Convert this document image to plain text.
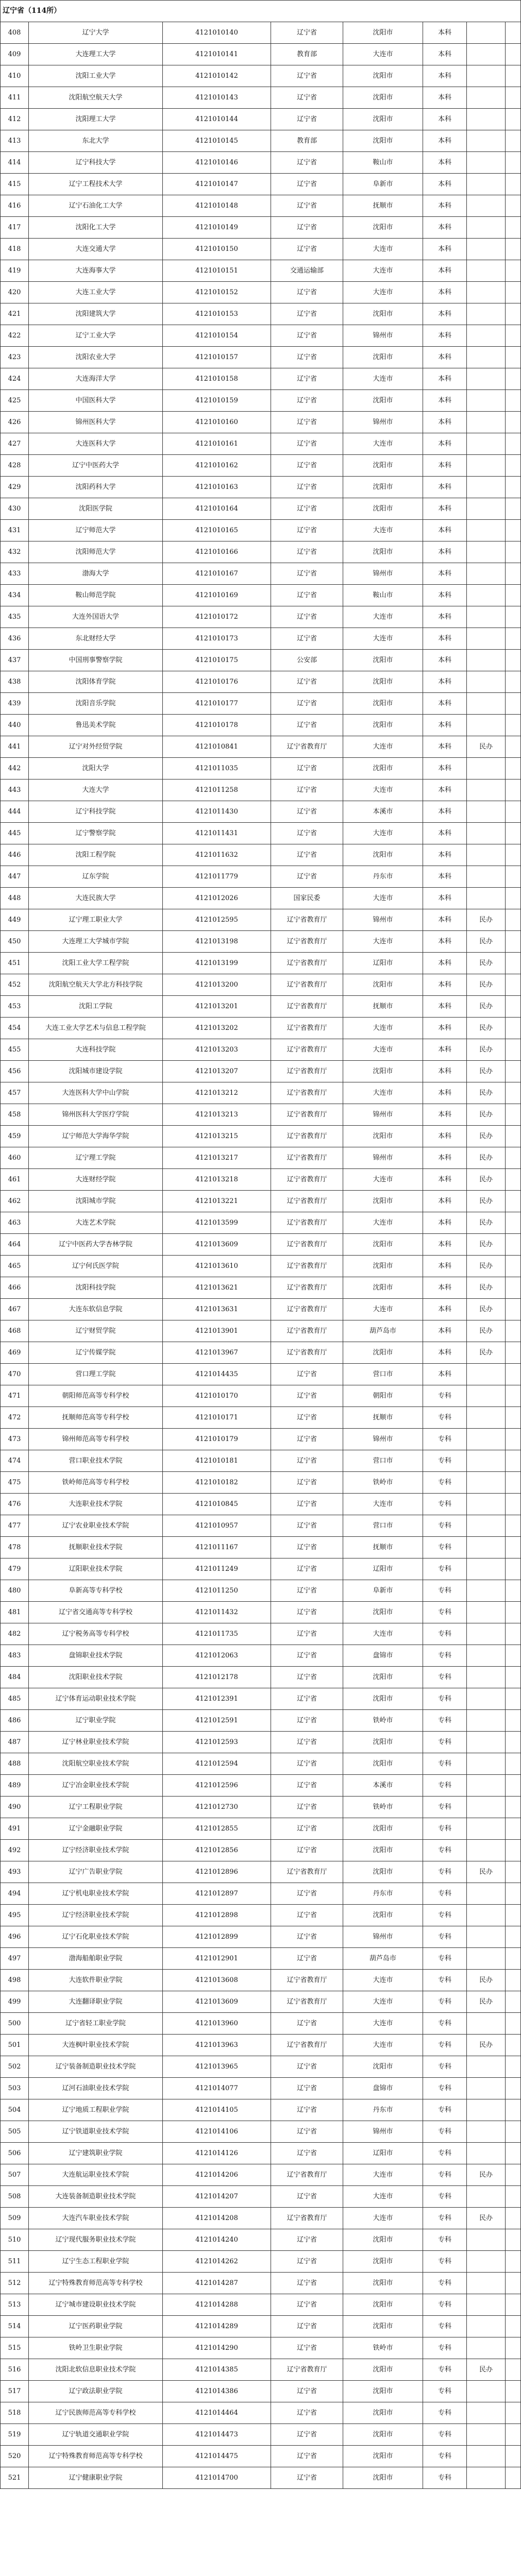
辽宁省（114所）							
408	辽宁大学	4121010140	辽宁省	沈阳市	本科		
409	大连理工大学	4121010141	教育部	大连市	本科		
410	沈阳工业大学	4121010142	辽宁省	沈阳市	本科		
411	沈阳航空航天大学	4121010143	辽宁省	沈阳市	本科		
412	沈阳理工大学	4121010144	辽宁省	沈阳市	本科		
413	东北大学	4121010145	教育部	沈阳市	本科		
414	辽宁科技大学	4121010146	辽宁省	鞍山市	本科		
415	辽宁工程技术大学	4121010147	辽宁省	阜新市	本科		
416	辽宁石油化工大学	4121010148	辽宁省	抚顺市	本科		
417	沈阳化工大学	4121010149	辽宁省	沈阳市	本科		
418	大连交通大学	4121010150	辽宁省	大连市	本科		
419	大连海事大学	4121010151	交通运输部	大连市	本科		
420	大连工业大学	4121010152	辽宁省	大连市	本科		
421	沈阳建筑大学	4121010153	辽宁省	沈阳市	本科		
422	辽宁工业大学	4121010154	辽宁省	锦州市	本科		
423	沈阳农业大学	4121010157	辽宁省	沈阳市	本科		
424	大连海洋大学	4121010158	辽宁省	大连市	本科		
425	中国医科大学	4121010159	辽宁省	沈阳市	本科		
426	锦州医科大学	4121010160	辽宁省	锦州市	本科		
427	大连医科大学	4121010161	辽宁省	大连市	本科		
428	辽宁中医药大学	4121010162	辽宁省	沈阳市	本科		
429	沈阳药科大学	4121010163	辽宁省	沈阳市	本科		
430	沈阳医学院	4121010164	辽宁省	沈阳市	本科		
431	辽宁师范大学	4121010165	辽宁省	大连市	本科		
432	沈阳师范大学	4121010166	辽宁省	沈阳市	本科		
433	渤海大学	4121010167	辽宁省	锦州市	本科		
434	鞍山师范学院	4121010169	辽宁省	鞍山市	本科		
435	大连外国语大学	4121010172	辽宁省	大连市	本科		
436	东北财经大学	4121010173	辽宁省	大连市	本科		
437	中国刑事警察学院	4121010175	公安部	沈阳市	本科		
438	沈阳体育学院	4121010176	辽宁省	沈阳市	本科		
439	沈阳音乐学院	4121010177	辽宁省	沈阳市	本科		
440	鲁迅美术学院	4121010178	辽宁省	沈阳市	本科		
441	辽宁对外经贸学院	4121010841	辽宁省教育厅	大连市	本科	民办	
442	沈阳大学	4121011035	辽宁省	沈阳市	本科		
443	大连大学	4121011258	辽宁省	大连市	本科		
444	辽宁科技学院	4121011430	辽宁省	本溪市	本科		
445	辽宁警察学院	4121011431	辽宁省	大连市	本科		
446	沈阳工程学院	4121011632	辽宁省	沈阳市	本科		
447	辽东学院	4121011779	辽宁省	丹东市	本科		
448	大连民族大学	4121012026	国家民委	大连市	本科		
449	辽宁理工职业大学	4121012595	辽宁省教育厅	锦州市	本科	民办	
450	大连理工大学城市学院	4121013198	辽宁省教育厅	大连市	本科	民办	
451	沈阳工业大学工程学院	4121013199	辽宁省教育厅	辽阳市	本科	民办	
452	沈阳航空航天大学北方科技学院	4121013200	辽宁省教育厅	沈阳市	本科	民办	
453	沈阳工学院	4121013201	辽宁省教育厅	抚顺市	本科	民办	
454	大连工业大学艺术与信息工程学院	4121013202	辽宁省教育厅	大连市	本科	民办	
455	大连科技学院	4121013203	辽宁省教育厅	大连市	本科	民办	
456	沈阳城市建设学院	4121013207	辽宁省教育厅	沈阳市	本科	民办	
457	大连医科大学中山学院	4121013212	辽宁省教育厅	大连市	本科	民办	
458	锦州医科大学医疗学院	4121013213	辽宁省教育厅	锦州市	本科	民办	
459	辽宁师范大学海华学院	4121013215	辽宁省教育厅	沈阳市	本科	民办	
460	辽宁理工学院	4121013217	辽宁省教育厅	锦州市	本科	民办	
461	大连财经学院	4121013218	辽宁省教育厅	大连市	本科	民办	
462	沈阳城市学院	4121013221	辽宁省教育厅	沈阳市	本科	民办	
463	大连艺术学院	4121013599	辽宁省教育厅	大连市	本科	民办	
464	辽宁中医药大学杏林学院	4121013609	辽宁省教育厅	沈阳市	本科	民办	
465	辽宁何氏医学院	4121013610	辽宁省教育厅	沈阳市	本科	民办	
466	沈阳科技学院	4121013621	辽宁省教育厅	沈阳市	本科	民办	
467	大连东软信息学院	4121013631	辽宁省教育厅	大连市	本科	民办	
468	辽宁财贸学院	4121013901	辽宁省教育厅	葫芦岛市	本科	民办	
469	辽宁传媒学院	4121013967	辽宁省教育厅	沈阳市	本科	民办	
470	营口理工学院	4121014435	辽宁省	营口市	本科		
471	朝阳师范高等专科学校	4121010170	辽宁省	朝阳市	专科		
472	抚顺师范高等专科学校	4121010171	辽宁省	抚顺市	专科		
473	锦州师范高等专科学校	4121010179	辽宁省	锦州市	专科		
474	营口职业技术学院	4121010181	辽宁省	营口市	专科		
475	铁岭师范高等专科学校	4121010182	辽宁省	铁岭市	专科		
476	大连职业技术学院	4121010845	辽宁省	大连市	专科		
477	辽宁农业职业技术学院	4121010957	辽宁省	营口市	专科		
478	抚顺职业技术学院	4121011167	辽宁省	抚顺市	专科		
479	辽阳职业技术学院	4121011249	辽宁省	辽阳市	专科		
480	阜新高等专科学校	4121011250	辽宁省	阜新市	专科		
481	辽宁省交通高等专科学校	4121011432	辽宁省	沈阳市	专科		
482	辽宁税务高等专科学校	4121011735	辽宁省	大连市	专科		
483	盘锦职业技术学院	4121012063	辽宁省	盘锦市	专科		
484	沈阳职业技术学院	4121012178	辽宁省	沈阳市	专科		
485	辽宁体育运动职业技术学院	4121012391	辽宁省	沈阳市	专科		
486	辽宁职业学院	4121012591	辽宁省	铁岭市	专科		
487	辽宁林业职业技术学院	4121012593	辽宁省	沈阳市	专科		
488	沈阳航空职业技术学院	4121012594	辽宁省	沈阳市	专科		
489	辽宁冶金职业技术学院	4121012596	辽宁省	本溪市	专科		
490	辽宁工程职业学院	4121012730	辽宁省	铁岭市	专科		
491	辽宁金融职业学院	4121012855	辽宁省	沈阳市	专科		
492	辽宁经济职业技术学院	4121012856	辽宁省	沈阳市	专科		
493	辽宁广告职业学院	4121012896	辽宁省教育厅	沈阳市	专科	民办	
494	辽宁机电职业技术学院	4121012897	辽宁省	丹东市	专科		
495	辽宁经济职业技术学院	4121012898	辽宁省	沈阳市	专科		
496	辽宁石化职业技术学院	4121012899	辽宁省	锦州市	专科		
497	渤海船舶职业学院	4121012901	辽宁省	葫芦岛市	专科		
498	大连软件职业学院	4121013608	辽宁省教育厅	大连市	专科	民办	
499	大连翻译职业学院	4121013609	辽宁省教育厅	大连市	专科	民办	
500	辽宁省轻工职业学院	4121013960	辽宁省	大连市	专科		
501	大连枫叶职业技术学院	4121013963	辽宁省教育厅	大连市	专科	民办	
502	辽宁装备制造职业技术学院	4121013965	辽宁省	沈阳市	专科		
503	辽河石油职业技术学院	4121014077	辽宁省	盘锦市	专科		
504	辽宁地质工程职业学院	4121014105	辽宁省	丹东市	专科		
505	辽宁铁道职业技术学院	4121014106	辽宁省	锦州市	专科		
506	辽宁建筑职业学院	4121014126	辽宁省	辽阳市	专科		
507	大连航运职业技术学院	4121014206	辽宁省教育厅	大连市	专科	民办	
508	大连装备制造职业技术学院	4121014207	辽宁省	大连市	专科		
509	大连汽车职业技术学院	4121014208	辽宁省教育厅	大连市	专科	民办	
510	辽宁现代服务职业技术学院	4121014240	辽宁省	沈阳市	专科		
511	辽宁生态工程职业学院	4121014262	辽宁省	沈阳市	专科		
512	辽宁特殊教育师范高等专科学校	4121014287	辽宁省	沈阳市	专科		
513	辽宁城市建设职业技术学院	4121014288	辽宁省	沈阳市	专科		
514	辽宁医药职业学院	4121014289	辽宁省	沈阳市	专科		
515	铁岭卫生职业学院	4121014290	辽宁省	铁岭市	专科		
516	沈阳北软信息职业技术学院	4121014385	辽宁省教育厅	沈阳市	专科	民办	
517	辽宁政法职业学院	4121014386	辽宁省	沈阳市	专科		
518	辽宁民族师范高等专科学校	4121014464	辽宁省	沈阳市	专科		
519	辽宁轨道交通职业学院	4121014473	辽宁省	沈阳市	专科		
520	辽宁特殊教育师范高等专科学校	4121014475	辽宁省	沈阳市	专科		
521	辽宁健康职业学院	4121014700	辽宁省	沈阳市	专科		
